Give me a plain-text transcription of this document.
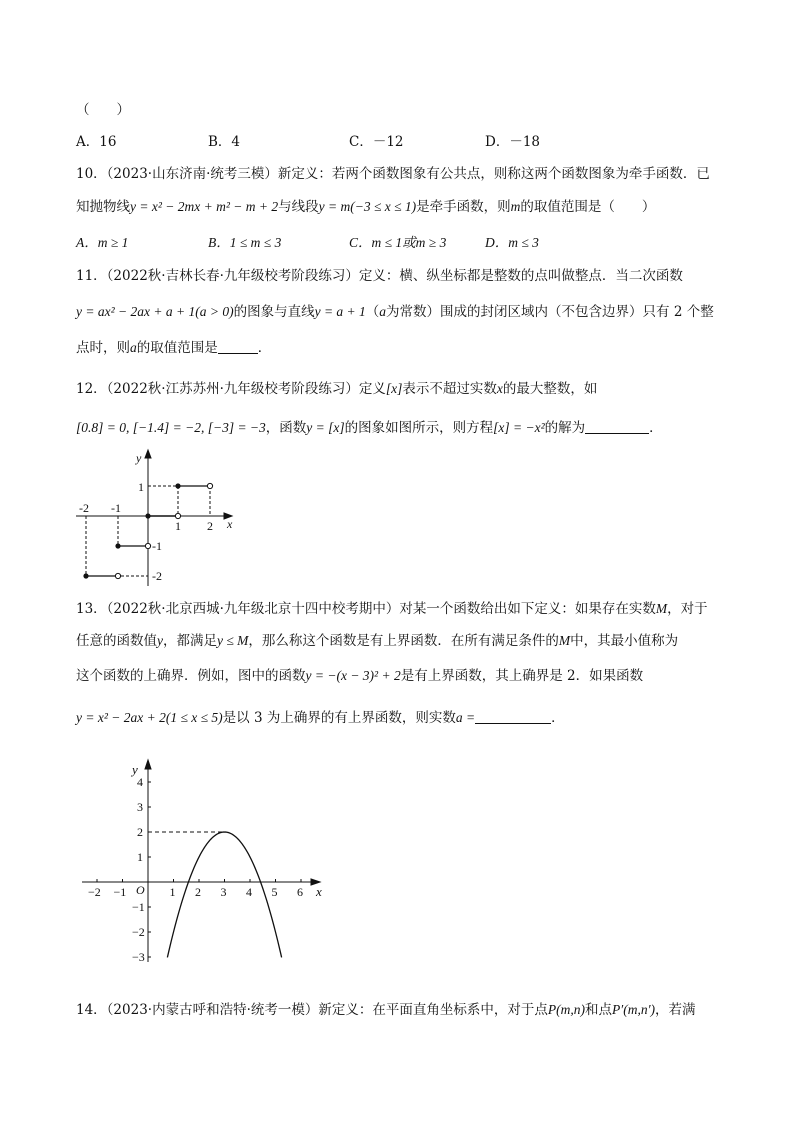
（　　）
A．16	B．4	C．－12	D．－18
10．（2023·山东济南·统考三模）新定义：若两个函数图象有公共点，则称这两个函数图象为牵手函数．已
知抛物线y = x² − 2mx + m² − m + 2与线段y = m(−3 ≤ x ≤ 1)是牵手函数，则m的取值范围是（　　）
A．m ≥ 1	B．1 ≤ m ≤ 3	C．m ≤ 1或m ≥ 3	D．m ≤ 3
11．（2022秋·吉林长春·九年级校考阶段练习）定义：横、纵坐标都是整数的点叫做整点．当二次函数
y = ax² − 2ax + a + 1(a > 0)的图象与直线y = a + 1（a为常数）围成的封闭区域内（不包含边界）只有 2 个整
点时，则a的取值范围是	．
12．（2022秋·江苏苏州·九年级校考阶段练习）定义[x]表示不超过实数x的最大整数，如
[0.8] = 0, [−1.4] = −2, [−3] = −3，函数y = [x]的图象如图所示，则方程[x] = −x²的解为	．
y
x
1
1 2
-2 -1
-1
-2
13．（2022秋·北京西城·九年级北京十四中校考期中）对某一个函数给出如下定义：如果存在实数M，对于
任意的函数值y，都满足y ≤ M，那么称这个函数是有上界函数．在所有满足条件的M中，其最小值称为
这个函数的上确界．例如，图中的函数y = −(x − 3)² + 2是有上界函数，其上确界是 2．如果函数
y = x² − 2ax + 2(1 ≤ x ≤ 5)是以 3 为上确界的有上界函数，则实数a =	．
−2 −1	1 2 3 4 5 6
4
3
2
1
−1
−2
−3
O
y
x
14．（2023·内蒙古呼和浩特·统考一模）新定义：在平面直角坐标系中，对于点P(m,n)和点P′(m,n′)，若满
